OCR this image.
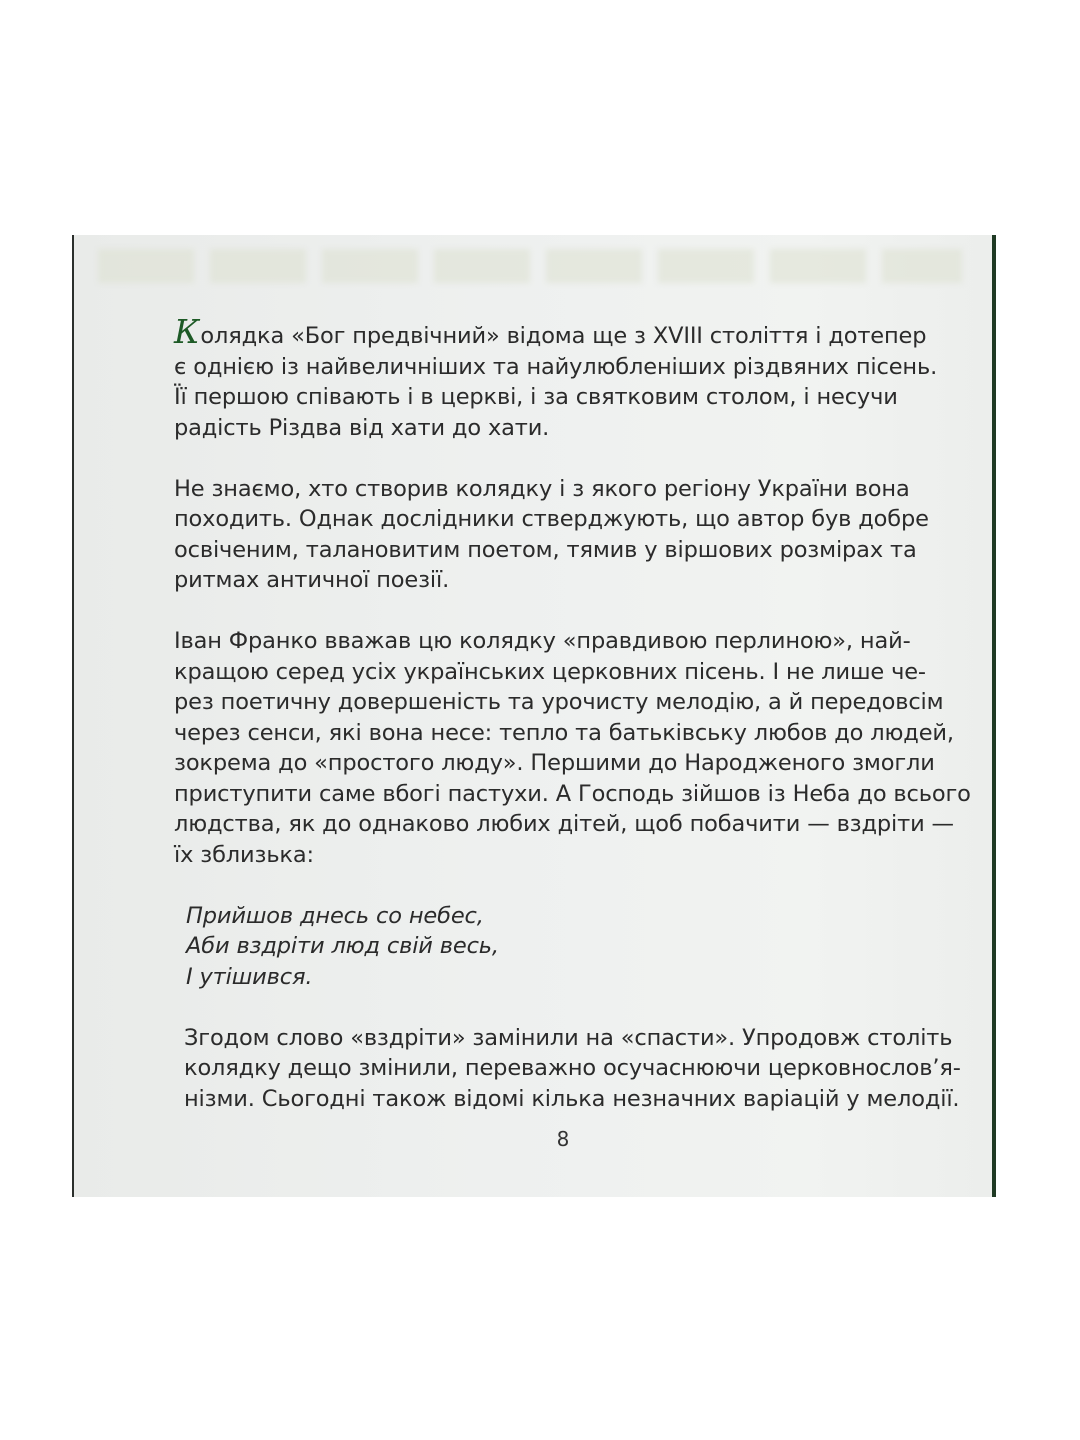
Колядка «Бог предвічний» відома ще з XVIII століття і дотепер
є однією із найвеличніших та найулюбленіших різдвяних пісень.
Її першою співають і в церкві, і за святковим столом, і несучи
радість Різдва від хати до хати.

Не знаємо, хто створив колядку і з якого регіону України вона
походить. Однак дослідники стверджують, що автор був добре
освіченим, талановитим поетом, тямив у віршових розмірах та
ритмах античної поезії.

Іван Франко вважав цю колядку «правдивою перлиною», най-
кращою серед усіх українських церковних пісень. І не лише че-
рез поетичну довершеність та урочисту мелодію, а й передовсім
через сенси, які вона несе: тепло та батьківську любов до людей,
зокрема до «простого люду». Першими до Народженого змогли
приступити саме вбогі пастухи. А Господь зійшов із Неба до всього
людства, як до однаково любих дітей, щоб побачити — вздріти —
їх зблизька:

Прийшов днесь со небес,
Аби вздріти люд свій весь,
І утішився.

Згодом слово «вздріти» замінили на «спасти». Упродовж століть
колядку дещо змінили, переважно осучаснюючи церковнослов’я-
нізми. Сьогодні також відомі кілька незначних варіацій у мелодії.

8
